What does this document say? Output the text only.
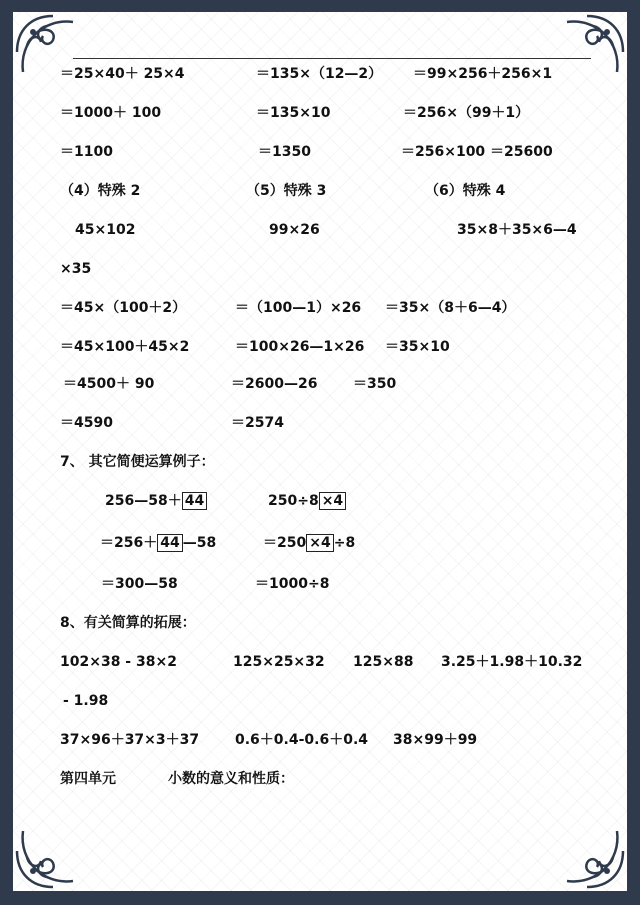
＝25×40＋ 25×4	＝135×（12—2） ＝99×256＋256×1
＝1000＋ 100	＝135×10	＝256×（99＋1）
＝1100	＝1350	＝256×100 ＝25600
（4）特殊 2	（5）特殊 3	（6）特殊 4
45×102	99×26	35×8＋35×6—4
×35
＝45×（100＋2）	＝（100—1）×26 ＝35×（8＋6—4）
＝45×100＋45×2	＝100×26—1×26 ＝35×10
＝4500＋ 90	＝2600—26	＝350
＝4590	＝2574
7、 其它简便运算例子：
256—58＋ 44	250÷8 ×4
＝256＋ 44 —58	＝250 ×4 ÷8
＝300—58	＝1000÷8
8、有关简算的拓展：
102×38 - 38×2	125×25×32 125×88 3.25＋1.98＋10.32
- 1.98
37×96＋37×3＋37	0.6＋0.4-0.6＋0.4 38×99＋99
第四单元	小数的意义和性质：
